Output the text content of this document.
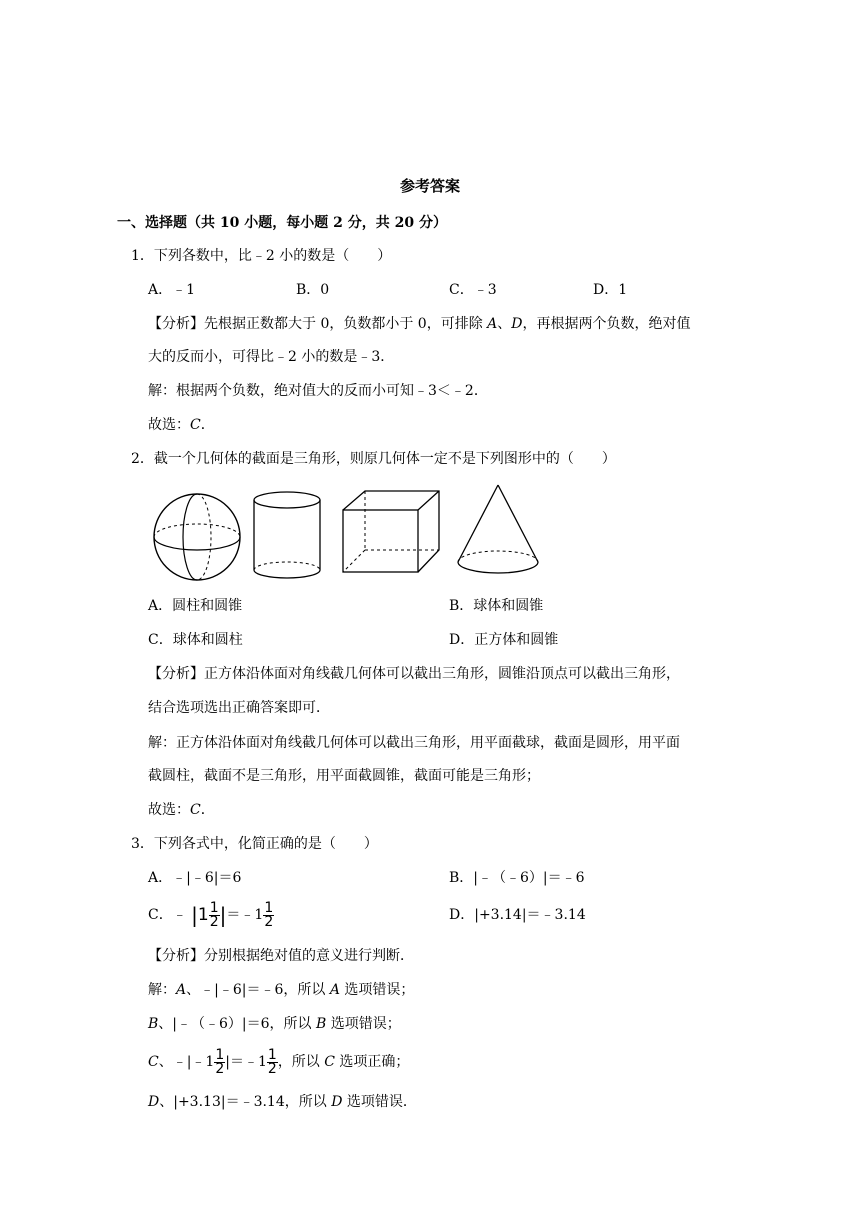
参考答案
一、选择题（共 10 小题，每小题 2 分，共 20 分）
1．下列各数中，比﹣2 小的数是（　　）
A．﹣1	B．0	C．﹣3	D．1
【分析】先根据正数都大于 0，负数都小于 0，可排除 A、D，再根据两个负数，绝对值
大的反而小，可得比﹣2 小的数是﹣3．
解：根据两个负数，绝对值大的反而小可知﹣3＜﹣2．
故选：C．
2．截一个几何体的截面是三角形，则原几何体一定不是下列图形中的（　　）
A．圆柱和圆锥	B．球体和圆锥
C．球体和圆柱	D．正方体和圆锥
【分析】正方体沿体面对角线截几何体可以截出三角形，圆锥沿顶点可以截出三角形，
结合选项选出正确答案即可．
解：正方体沿体面对角线截几何体可以截出三角形，用平面截球，截面是圆形，用平面
截圆柱，截面不是三角形，用平面截圆锥，截面可能是三角形；
故选：C．
3．下列各式中，化简正确的是（　　）
A．﹣|﹣6|＝6	B．|﹣（﹣6）|＝﹣6
C．﹣ $|1 \frac{1}{2}$ |＝﹣1 $\frac{1}{2}$	D．|+3.14|＝﹣3.14
【分析】分别根据绝对值的意义进行判断．
解：A、﹣|﹣6|＝﹣6，所以 A 选项错误；
B、|﹣（﹣6）|＝6，所以 B 选项错误；
C、﹣|﹣1 $\frac{1}{2}$ |＝﹣1 $\frac{1}{2}$ ，所以 C 选项正确；
D、|+3.13|＝﹣3.14，所以 D 选项错误．
